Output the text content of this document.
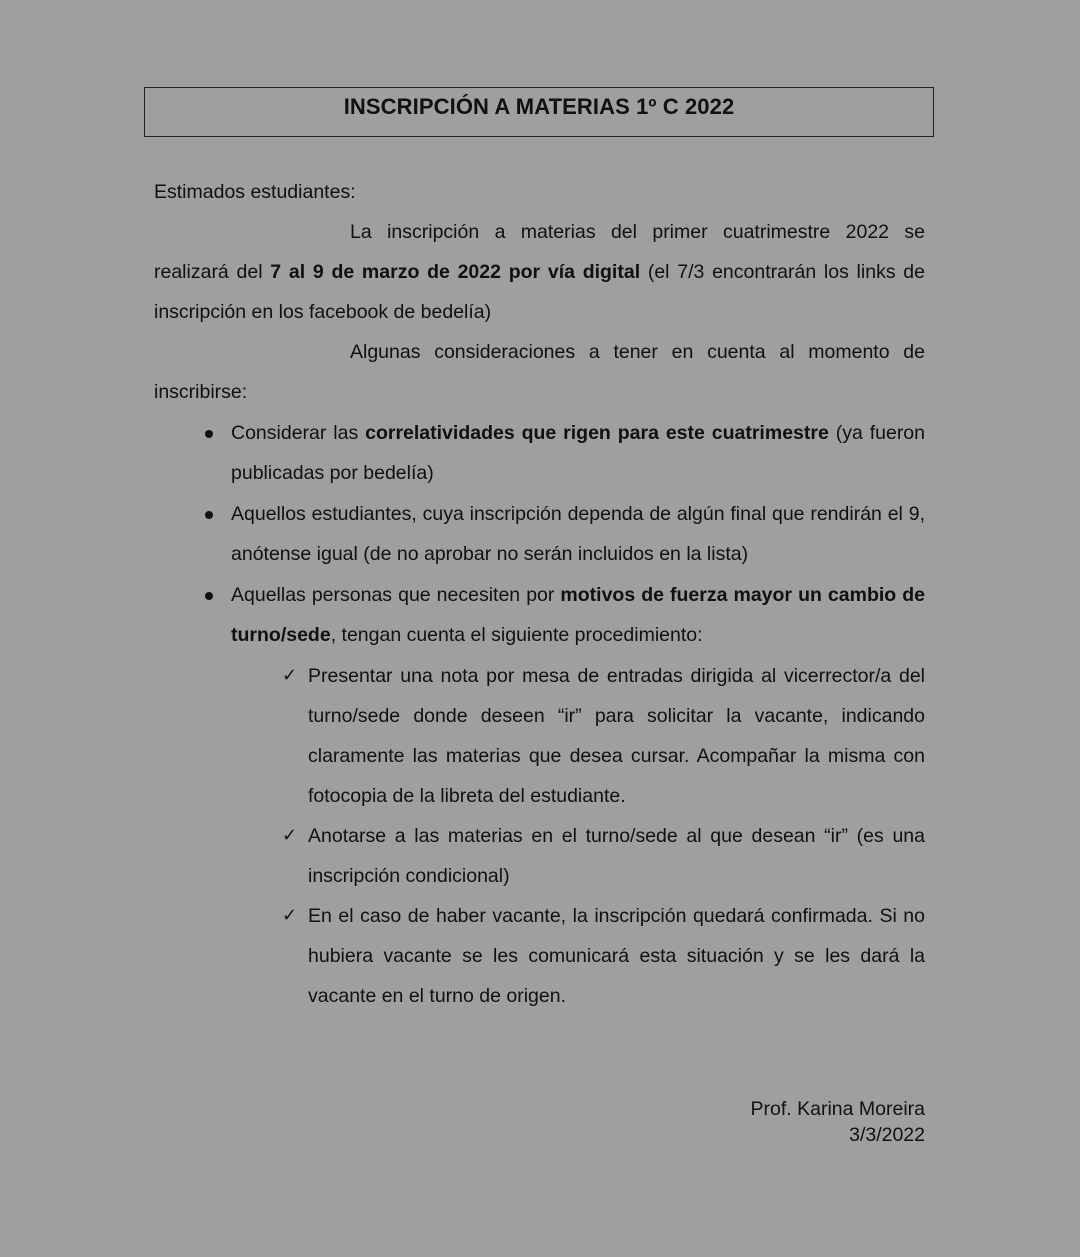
INSCRIPCIÓN A MATERIAS 1º C 2022

Estimados estudiantes:

La inscripción a materias del primer cuatrimestre 2022 se realizará del 7 al 9 de marzo de 2022 por vía digital (el 7/3 encontrarán los links de inscripción en los facebook de bedelía)

Algunas consideraciones a tener en cuenta al momento de inscribirse:

Considerar las correlatividades que rigen para este cuatrimestre (ya fueron publicadas por bedelía)
Aquellos estudiantes, cuya inscripción dependa de algún final que rendirán el 9, anótense igual (de no aprobar no serán incluidos en la lista)
Aquellas personas que necesiten por motivos de fuerza mayor un cambio de turno/sede, tengan cuenta el siguiente procedimiento:
✓ Presentar una nota por mesa de entradas dirigida al vicerrector/a del turno/sede donde deseen “ir” para solicitar la vacante, indicando claramente las materias que desea cursar. Acompañar la misma con fotocopia de la libreta del estudiante.
✓ Anotarse a las materias en el turno/sede al que desean “ir” (es una inscripción condicional)
✓ En el caso de haber vacante, la inscripción quedará confirmada. Si no hubiera vacante se les comunicará esta situación y se les dará la vacante en el turno de origen.
Prof. Karina Moreira
3/3/2022
